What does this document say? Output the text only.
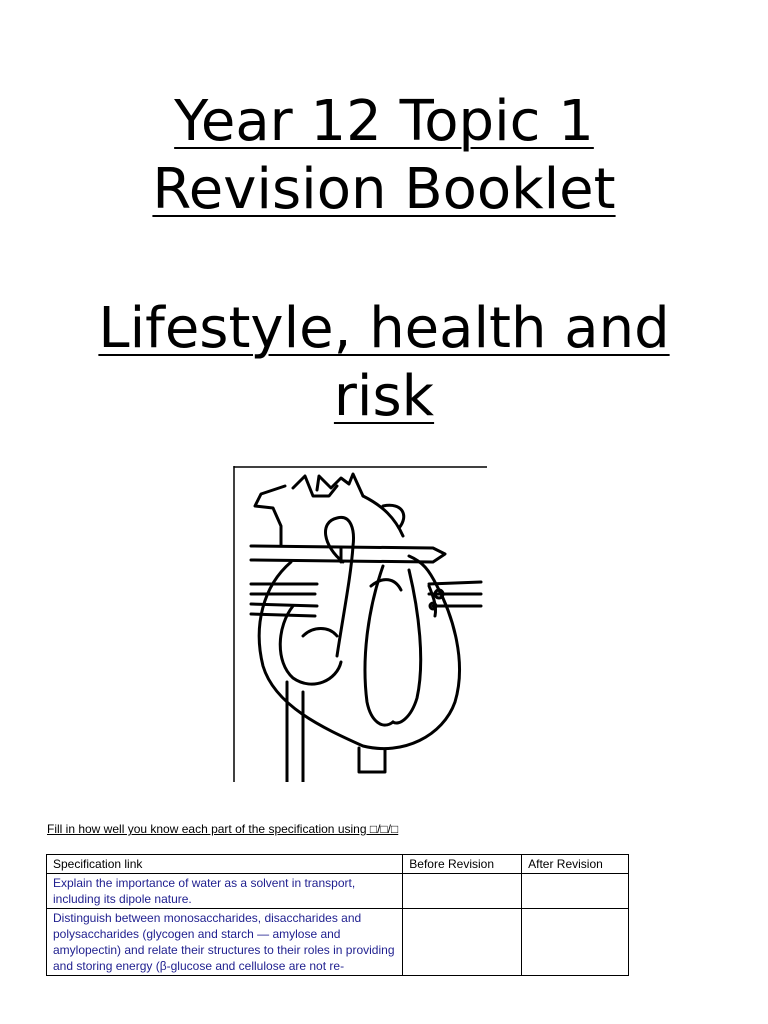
Year 12 Topic 1
Revision Booklet
Lifestyle, health and
risk
Fill in how well you know each part of the specification using □/□/□
Specification link	Before Revision	After Revision
Explain the importance of water as a solvent in transport, including its dipole nature.		

Distinguish between monosaccharides, disaccharides and polysaccharides (glycogen and starch — amylose and amylopectin) and relate their structures to their roles in providing and storing energy (β-glucose and cellulose are not re-		
